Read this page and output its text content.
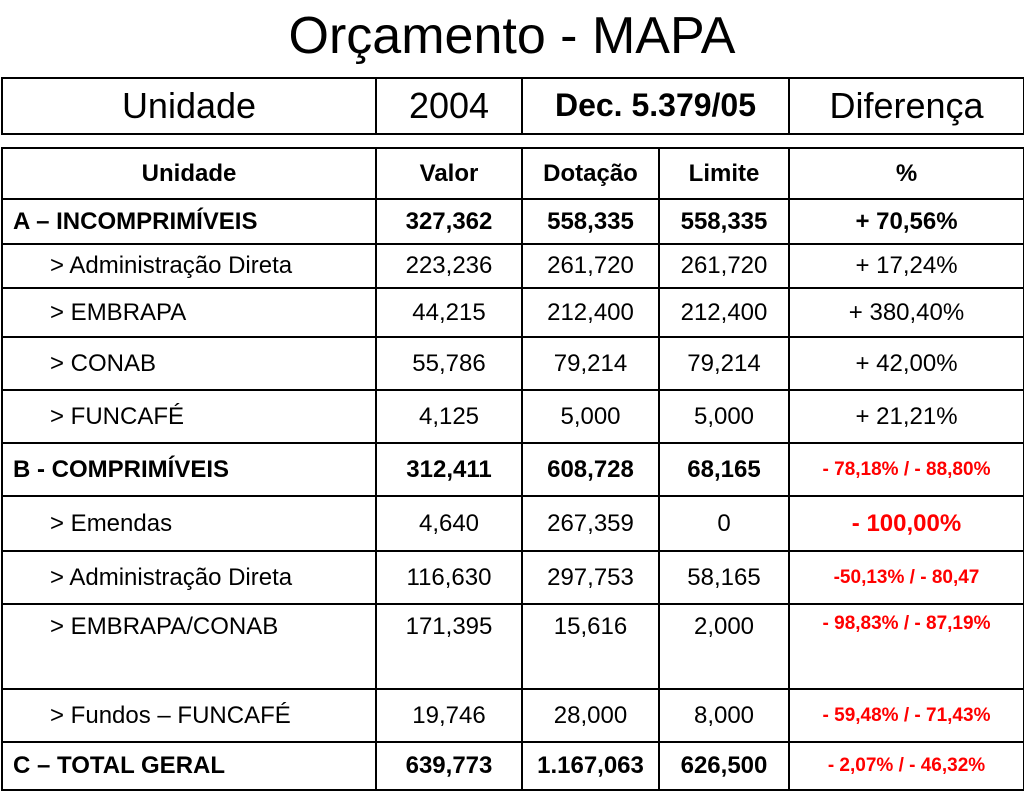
Orçamento - MAPA
Unidade	2004	Dec. 5.379/05	Diferença
Unidade	Valor	Dotação	Limite	%
A – INCOMPRIMÍVEIS	327,362	558,335	558,335	+ 70,56%
> Administração Direta	223,236	261,720	261,720	+ 17,24%
> EMBRAPA	44,215	212,400	212,400	+ 380,40%
> CONAB	55,786	79,214	79,214	+ 42,00%
> FUNCAFÉ	4,125	5,000	5,000	+ 21,21%
B - COMPRIMÍVEIS	312,411	608,728	68,165	- 78,18% / - 88,80%
> Emendas	4,640	267,359	0	- 100,00%
> Administração Direta	116,630	297,753	58,165	-50,13% / - 80,47
> EMBRAPA/CONAB	171,395	15,616	2,000	- 98,83% / - 87,19%
> Fundos – FUNCAFÉ	19,746	28,000	8,000	- 59,48% / - 71,43%
C – TOTAL GERAL	639,773	1.167,063	626,500	- 2,07% / - 46,32%
